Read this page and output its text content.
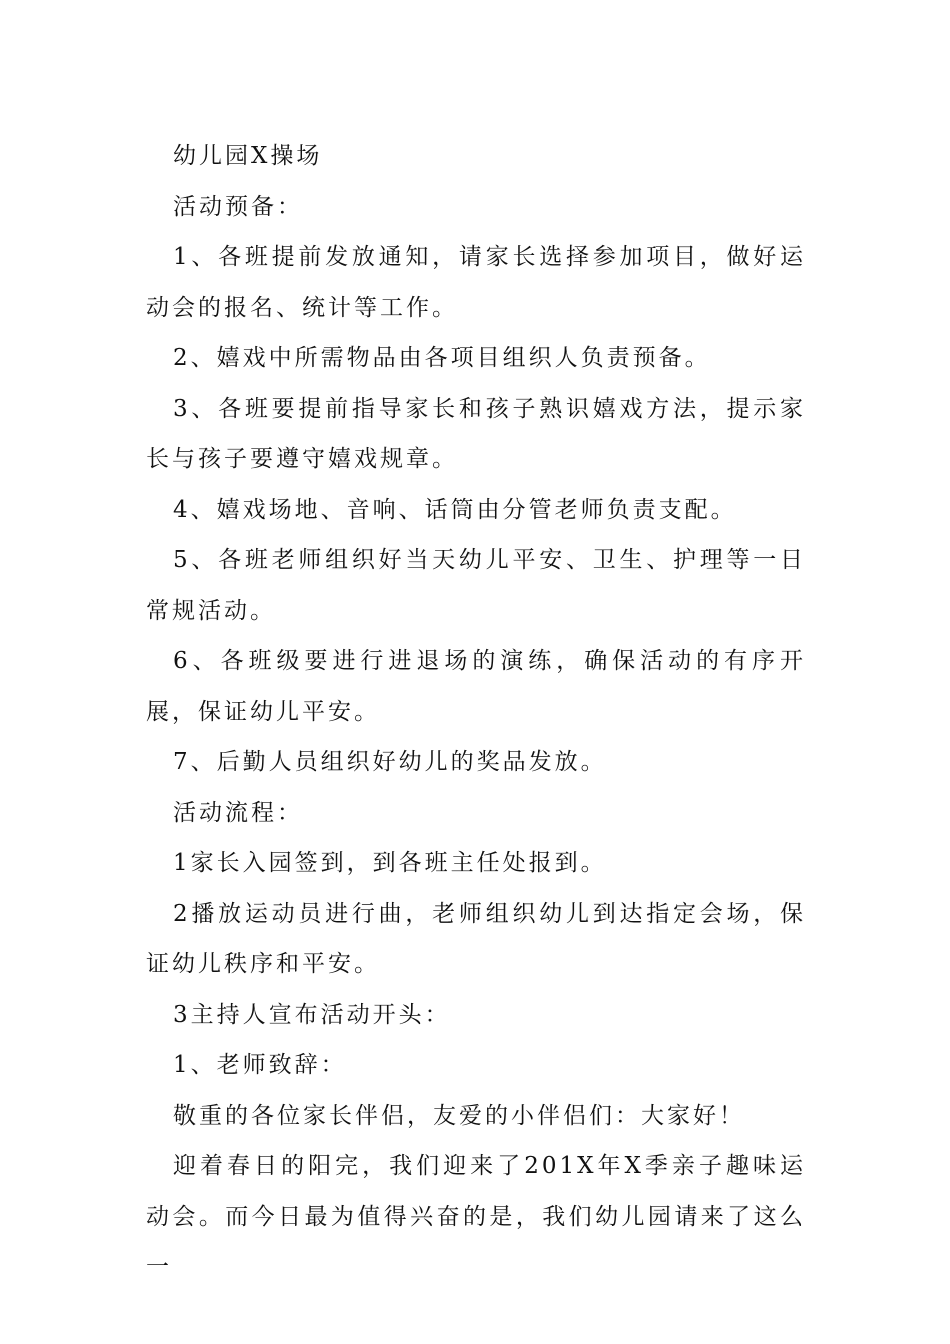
幼儿园X操场

活动预备：

1、各班提前发放通知，请家长选择参加项目，做好运动会的报名、统计等工作。

2、嬉戏中所需物品由各项目组织人负责预备。

3、各班要提前指导家长和孩子熟识嬉戏方法，提示家长与孩子要遵守嬉戏规章。

4、嬉戏场地、音响、话筒由分管老师负责支配。

5、各班老师组织好当天幼儿平安、卫生、护理等一日常规活动。

6、各班级要进行进退场的演练，确保活动的有序开展，保证幼儿平安。

7、后勤人员组织好幼儿的奖品发放。

活动流程：

1家长入园签到，到各班主任处报到。

2播放运动员进行曲，老师组织幼儿到达指定会场，保证幼儿秩序和平安。

3主持人宣布活动开头：

1、老师致辞：

敬重的各位家长伴侣，友爱的小伴侣们：大家好！

迎着春日的阳完，我们迎来了201X年X季亲子趣味运动会。而今日最为值得兴奋的是，我们幼儿园请来了这么一
